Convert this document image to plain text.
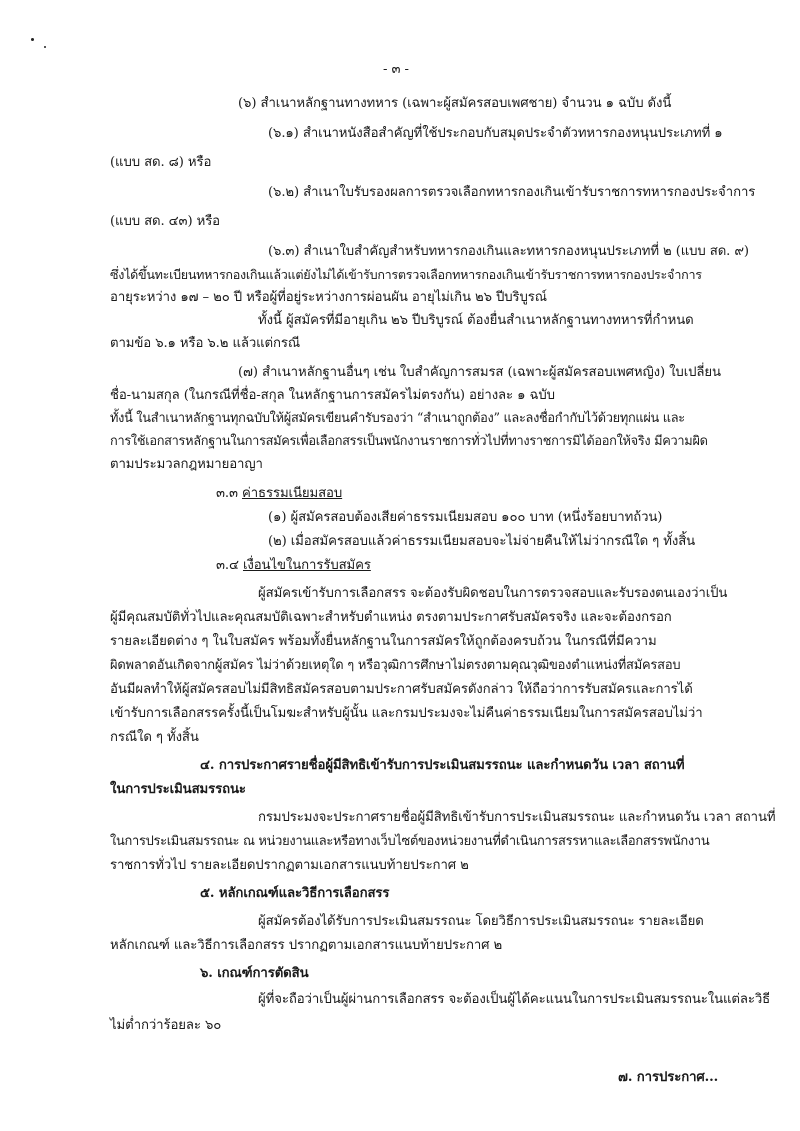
- ๓ -
(๖) สำเนาหลักฐานทางทหาร (เฉพาะผู้สมัครสอบเพศชาย) จำนวน ๑ ฉบับ ดังนี้
(๖.๑) สำเนาหนังสือสำคัญที่ใช้ประกอบกับสมุดประจำตัวทหารกองหนุนประเภทที่ ๑
(แบบ สด. ๘) หรือ
(๖.๒) สำเนาใบรับรองผลการตรวจเลือกทหารกองเกินเข้ารับราชการทหารกองประจำการ
(แบบ สด. ๔๓) หรือ
(๖.๓) สำเนาใบสำคัญสำหรับทหารกองเกินและทหารกองหนุนประเภทที่ ๒ (แบบ สด. ๙)
ซึ่งได้ขึ้นทะเบียนทหารกองเกินแล้วแต่ยังไม่ได้เข้ารับการตรวจเลือกทหารกองเกินเข้ารับราชการทหารกองประจำการ
อายุระหว่าง ๑๗ – ๒๐ ปี หรือผู้ที่อยู่ระหว่างการผ่อนผัน อายุไม่เกิน ๒๖ ปีบริบูรณ์
ทั้งนี้ ผู้สมัครที่มีอายุเกิน ๒๖ ปีบริบูรณ์ ต้องยื่นสำเนาหลักฐานทางทหารที่กำหนด
ตามข้อ ๖.๑ หรือ ๖.๒ แล้วแต่กรณี
(๗) สำเนาหลักฐานอื่นๆ เช่น ใบสำคัญการสมรส (เฉพาะผู้สมัครสอบเพศหญิง) ใบเปลี่ยน
ชื่อ-นามสกุล (ในกรณีที่ชื่อ-สกุล ในหลักฐานการสมัครไม่ตรงกัน) อย่างละ ๑ ฉบับ
ทั้งนี้ ในสำเนาหลักฐานทุกฉบับให้ผู้สมัครเขียนคำรับรองว่า “สำเนาถูกต้อง” และลงชื่อกำกับไว้ด้วยทุกแผ่น และ
การใช้เอกสารหลักฐานในการสมัครเพื่อเลือกสรรเป็นพนักงานราชการทั่วไปที่ทางราชการมิได้ออกให้จริง มีความผิด
ตามประมวลกฎหมายอาญา
๓.๓ ค่าธรรมเนียมสอบ
(๑) ผู้สมัครสอบต้องเสียค่าธรรมเนียมสอบ ๑๐๐ บาท (หนึ่งร้อยบาทถ้วน)
(๒) เมื่อสมัครสอบแล้วค่าธรรมเนียมสอบจะไม่จ่ายคืนให้ไม่ว่ากรณีใด ๆ ทั้งสิ้น
๓.๔ เงื่อนไขในการรับสมัคร
ผู้สมัครเข้ารับการเลือกสรร จะต้องรับผิดชอบในการตรวจสอบและรับรองตนเองว่าเป็น
ผู้มีคุณสมบัติทั่วไปและคุณสมบัติเฉพาะสำหรับตำแหน่ง ตรงตามประกาศรับสมัครจริง และจะต้องกรอก
รายละเอียดต่าง ๆ ในใบสมัคร พร้อมทั้งยื่นหลักฐานในการสมัครให้ถูกต้องครบถ้วน ในกรณีที่มีความ
ผิดพลาดอันเกิดจากผู้สมัคร ไม่ว่าด้วยเหตุใด ๆ หรือวุฒิการศึกษาไม่ตรงตามคุณวุฒิของตำแหน่งที่สมัครสอบ
อันมีผลทำให้ผู้สมัครสอบไม่มีสิทธิสมัครสอบตามประกาศรับสมัครดังกล่าว ให้ถือว่าการรับสมัครและการได้
เข้ารับการเลือกสรรครั้งนี้เป็นโมฆะสำหรับผู้นั้น และกรมประมงจะไม่คืนค่าธรรมเนียมในการสมัครสอบไม่ว่า
กรณีใด ๆ ทั้งสิ้น
๔. การประกาศรายชื่อผู้มีสิทธิเข้ารับการประเมินสมรรถนะ และกำหนดวัน เวลา สถานที่
ในการประเมินสมรรถนะ
กรมประมงจะประกาศรายชื่อผู้มีสิทธิเข้ารับการประเมินสมรรถนะ และกำหนดวัน เวลา สถานที่
ในการประเมินสมรรถนะ ณ หน่วยงานและหรือทางเว็บไซต์ของหน่วยงานที่ดำเนินการสรรหาและเลือกสรรพนักงาน
ราชการทั่วไป รายละเอียดปรากฏตามเอกสารแนบท้ายประกาศ ๒
๕. หลักเกณฑ์และวิธีการเลือกสรร
ผู้สมัครต้องได้รับการประเมินสมรรถนะ โดยวิธีการประเมินสมรรถนะ รายละเอียด
หลักเกณฑ์ และวิธีการเลือกสรร ปรากฏตามเอกสารแนบท้ายประกาศ ๒
๖. เกณฑ์การตัดสิน
ผู้ที่จะถือว่าเป็นผู้ผ่านการเลือกสรร จะต้องเป็นผู้ได้คะแนนในการประเมินสมรรถนะในแต่ละวิธี
ไม่ต่ำกว่าร้อยละ ๖๐
๗. การประกาศ...
